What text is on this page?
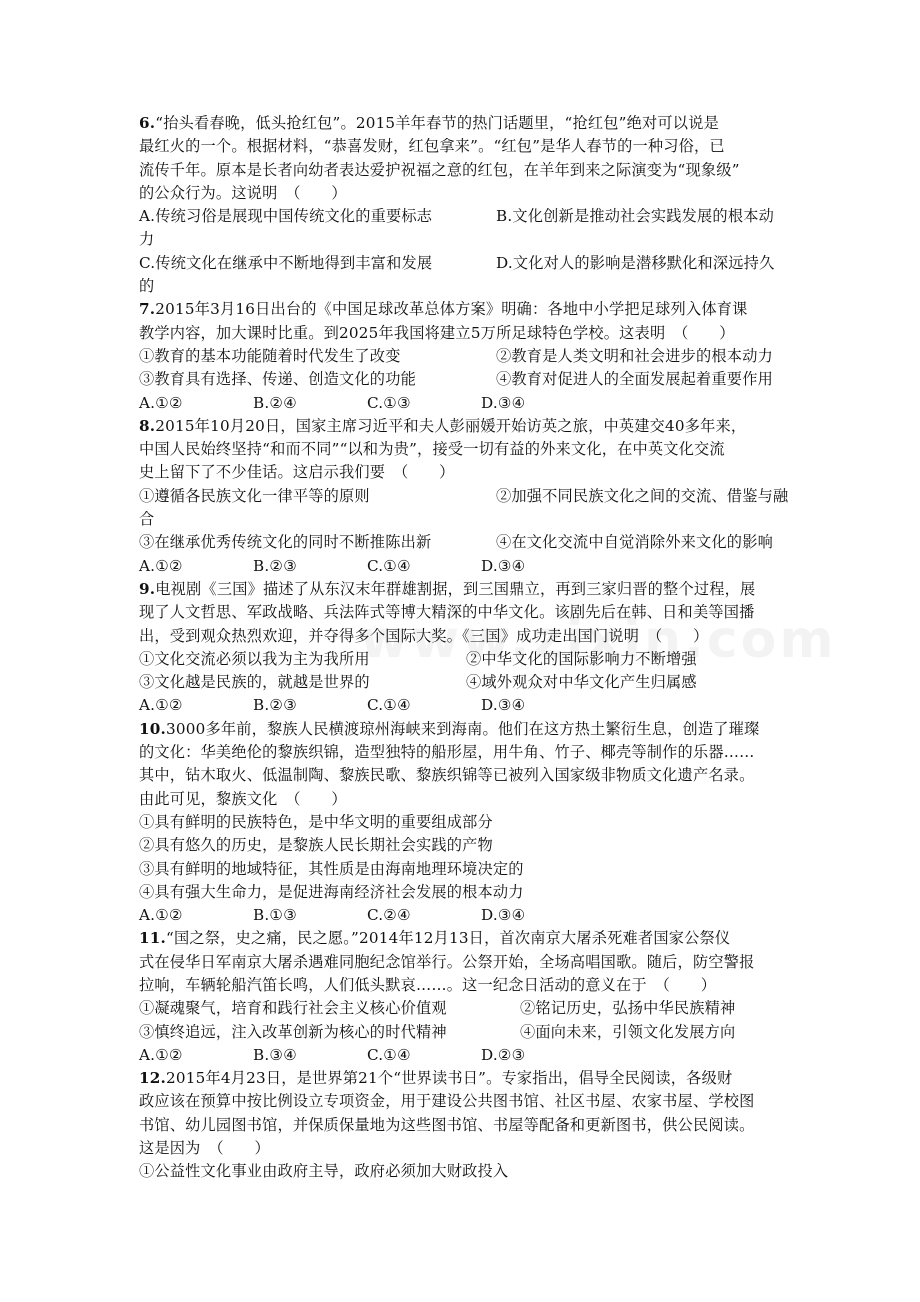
6.“抬头看春晚，低头抢红包”。2015羊年春节的热门话题里，“抢红包”绝对可以说是
最红火的一个。根据材料，“恭喜发财，红包拿来”。“红包”是华人春节的一种习俗，已
流传千年。原本是长者向幼者表达爱护祝福之意的红包，在羊年到来之际演变为“现象级”
的公众行为。这说明　（　　）
A.传统习俗是展现中国传统文化的重要标志	B.文化创新是推动社会实践发展的根本动
力
C.传统文化在继承中不断地得到丰富和发展	D.文化对人的影响是潜移默化和深远持久
的
7.2015年3月16日出台的《中国足球改革总体方案》明确：各地中小学把足球列入体育课
教学内容，加大课时比重。到2025年我国将建立5万所足球特色学校。这表明　（　　）
①教育的基本功能随着时代发生了改变	②教育是人类文明和社会进步的根本动力
③教育具有选择、传递、创造文化的功能	④教育对促进人的全面发展起着重要作用
A.①②	B.②④	C.①③	D.③④
8.2015年10月20日，国家主席习近平和夫人彭丽媛开始访英之旅，中英建交40多年来，
中国人民始终坚持“和而不同”“以和为贵”，接受一切有益的外来文化，在中英文化交流
史上留下了不少佳话。这启示我们要　（　　）
①遵循各民族文化一律平等的原则	②加强不同民族文化之间的交流、借鉴与融
合
③在继承优秀传统文化的同时不断推陈出新	④在文化交流中自觉消除外来文化的影响
A.①②	B.②③	C.①④	D.③④
9.电视剧《三国》描述了从东汉末年群雄割据，到三国鼎立，再到三家归晋的整个过程，展
现了人文哲思、军政战略、兵法阵式等博大精深的中华文化。该剧先后在韩、日和美等国播
出，受到观众热烈欢迎，并夺得多个国际大奖。《三国》成功走出国门说明　（　　）
①文化交流必须以我为主为我所用	②中华文化的国际影响力不断增强
③文化越是民族的，就越是世界的	④域外观众对中华文化产生归属感
A.①②	B.②③	C.①④	D.③④
10.3000多年前，黎族人民横渡琼州海峡来到海南。他们在这方热土繁衍生息，创造了璀璨
的文化：华美绝伦的黎族织锦，造型独特的船形屋，用牛角、竹子、椰壳等制作的乐器……
其中，钻木取火、低温制陶、黎族民歌、黎族织锦等已被列入国家级非物质文化遗产名录。
由此可见，黎族文化　（　　）
①具有鲜明的民族特色，是中华文明的重要组成部分
②具有悠久的历史，是黎族人民长期社会实践的产物
③具有鲜明的地域特征，其性质是由海南地理环境决定的
④具有强大生命力，是促进海南经济社会发展的根本动力
A.①②	B.①③	C.②④	D.③④
11.“国之祭，史之痛，民之愿。”2014年12月13日，首次南京大屠杀死难者国家公祭仪
式在侵华日军南京大屠杀遇难同胞纪念馆举行。公祭开始，全场高唱国歌。随后，防空警报
拉响，车辆轮船汽笛长鸣，人们低头默哀……。这一纪念日活动的意义在于　（　　）
①凝魂聚气，培育和践行社会主义核心价值观	②铭记历史，弘扬中华民族精神
③慎终追远，注入改革创新为核心的时代精神	④面向未来，引领文化发展方向
A.①②	B.③④	C.①④	D.②③
12.2015年4月23日，是世界第21个“世界读书日”。专家指出，倡导全民阅读，各级财
政应该在预算中按比例设立专项资金，用于建设公共图书馆、社区书屋、农家书屋、学校图
书馆、幼儿园图书馆，并保质保量地为这些图书馆、书屋等配备和更新图书，供公民阅读。
这是因为　（　　）
①公益性文化事业由政府主导，政府必须加大财政投入
